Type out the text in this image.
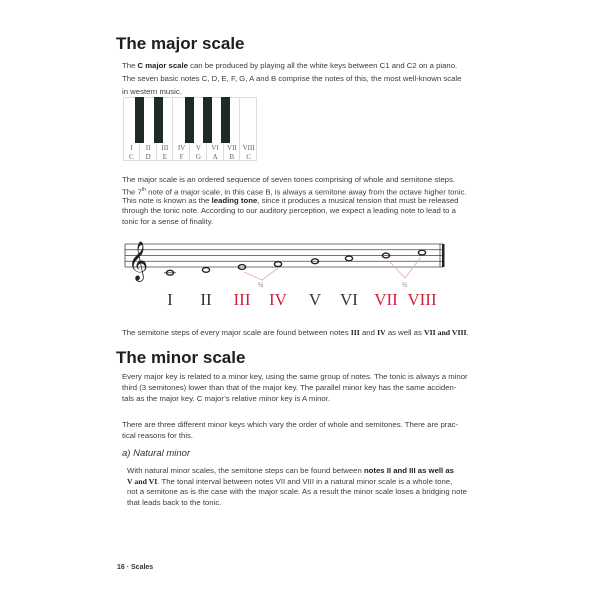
The major scale
The C major scale can be produced by playing all the white keys between C1 and C2 on a piano.
The seven basic notes C, D, E, F, G, A and B comprise the notes of this, the most well-known scale
in western music.
I	II	III	IV	V	VI	VII VIII
C	D	E	F	G	A	B	C
The major scale is an ordered sequence of seven tones comprising of whole and semitone steps.
The 7th note of a major scale, in this case B, is always a semitone away from the octave higher tonic.
This note is known as the leading tone, since it produces a musical tension that must be released
through the tonic note. According to our auditory perception, we expect a leading note to lead to a
tonic for a sense of finality.
𝄞
½	½
I	II	III	IV	V	VI VII VIII
The semitone steps of every major scale are found between notes III and IV as well as VII and VIII.
The minor scale
Every major key is related to a minor key, using the same group of notes. The tonic is always a minor
third (3 semitones) lower than that of the major key. The parallel minor key has the same acciden-
tals as the major key. C major’s relative minor key is A minor.
There are three different minor keys which vary the order of whole and semitones. There are prac-
tical reasons for this.
a) Natural minor
With natural minor scales, the semitone steps can be found between notes II and III as well as
V and VI. The tonal interval between notes VII and VIII in a natural minor scale is a whole tone,
not a semitone as is the case with the major scale. As a result the minor scale loses a bridging note
that leads back to the tonic.
16 · Scales
